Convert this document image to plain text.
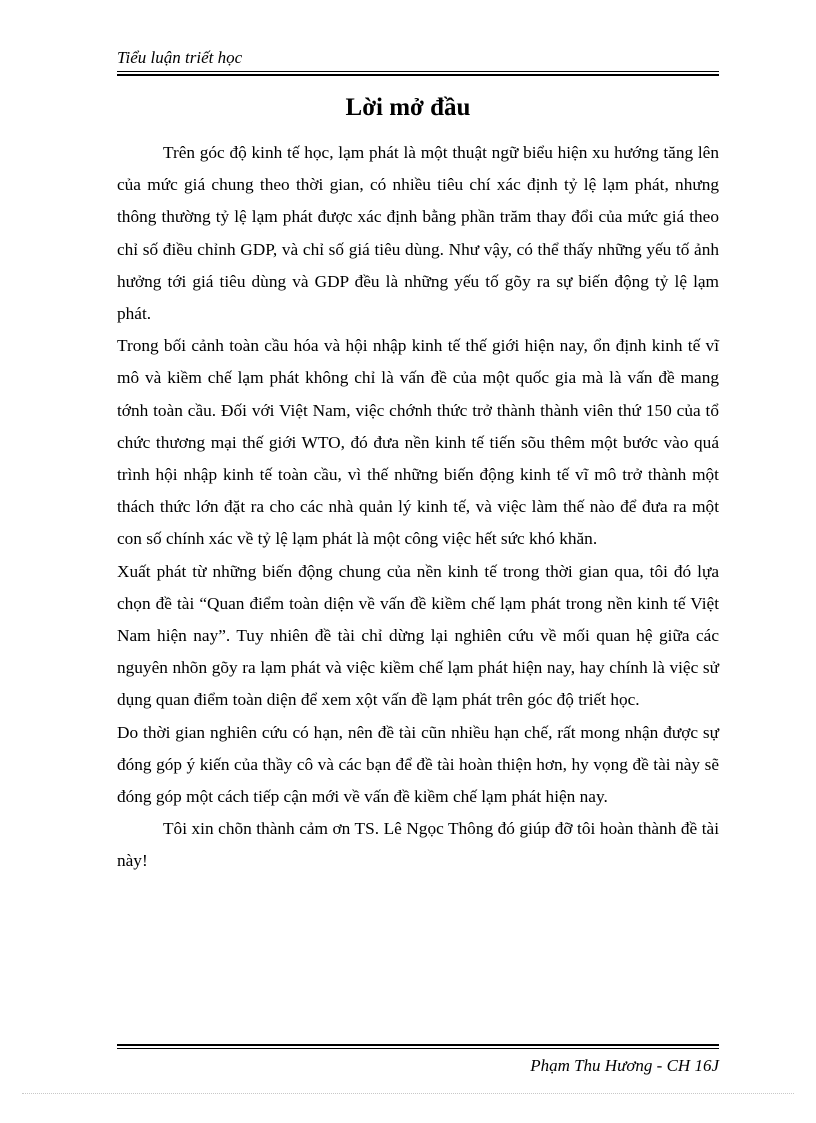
Tiểu luận triết học
Lời mở đầu

Trên góc độ kinh tế học, lạm phát là một thuật ngữ biểu hiện xu hướng tăng lên của mức giá chung theo thời gian, có nhiều tiêu chí xác định tỷ lệ lạm phát, nhưng thông thường tỷ lệ lạm phát được xác định bằng phần trăm thay đổi của mức giá theo chỉ số điều chỉnh GDP, và chỉ số giá tiêu dùng. Như vậy, có thể thấy những yếu tố ảnh hưởng tới giá tiêu dùng và GDP đều là những yếu tố gõy ra sự biến động tỷ lệ lạm phát.

Trong bối cảnh toàn cầu hóa và hội nhập kinh tế thế giới hiện nay, ổn định kinh tế vĩ mô và kiềm chế lạm phát không chỉ là vấn đề của một quốc gia mà là vấn đề mang tớnh toàn cầu. Đối với Việt Nam, việc chớnh thức trở thành thành viên thứ 150 của tổ chức thương mại thế giới WTO, đó đưa nền kinh tế tiến sõu thêm một bước vào quá trình hội nhập kinh tế toàn cầu, vì thế những biến động kinh tế vĩ mô trở thành một thách thức lớn đặt ra cho các nhà quản lý kinh tế, và việc làm thế nào để đưa ra một con số chính xác về tỷ lệ lạm phát là một công việc hết sức khó khăn.

Xuất phát từ những biến động chung của nền kinh tế trong thời gian qua, tôi đó lựa chọn đề tài “Quan điểm toàn diện về vấn đề kiềm chế lạm phát trong nền kinh tế Việt Nam hiện nay”. Tuy nhiên đề tài chỉ dừng lại nghiên cứu về mối quan hệ giữa các nguyên nhõn gõy ra lạm phát và việc kiềm chế lạm phát hiện nay, hay chính là việc sử dụng quan điểm toàn diện để xem xột vấn đề lạm phát trên góc độ triết học.

Do thời gian nghiên cứu có hạn, nên đề tài cũn nhiều hạn chế, rất mong nhận được sự đóng góp ý kiến của thầy cô và các bạn để đề tài hoàn thiện hơn, hy vọng đề tài này sẽ đóng góp một cách tiếp cận mới về vấn đề kiềm chế lạm phát hiện nay.

Tôi xin chõn thành cảm ơn TS. Lê Ngọc Thông đó giúp đỡ tôi hoàn thành đề tài này!

Phạm Thu Hương - CH 16J
